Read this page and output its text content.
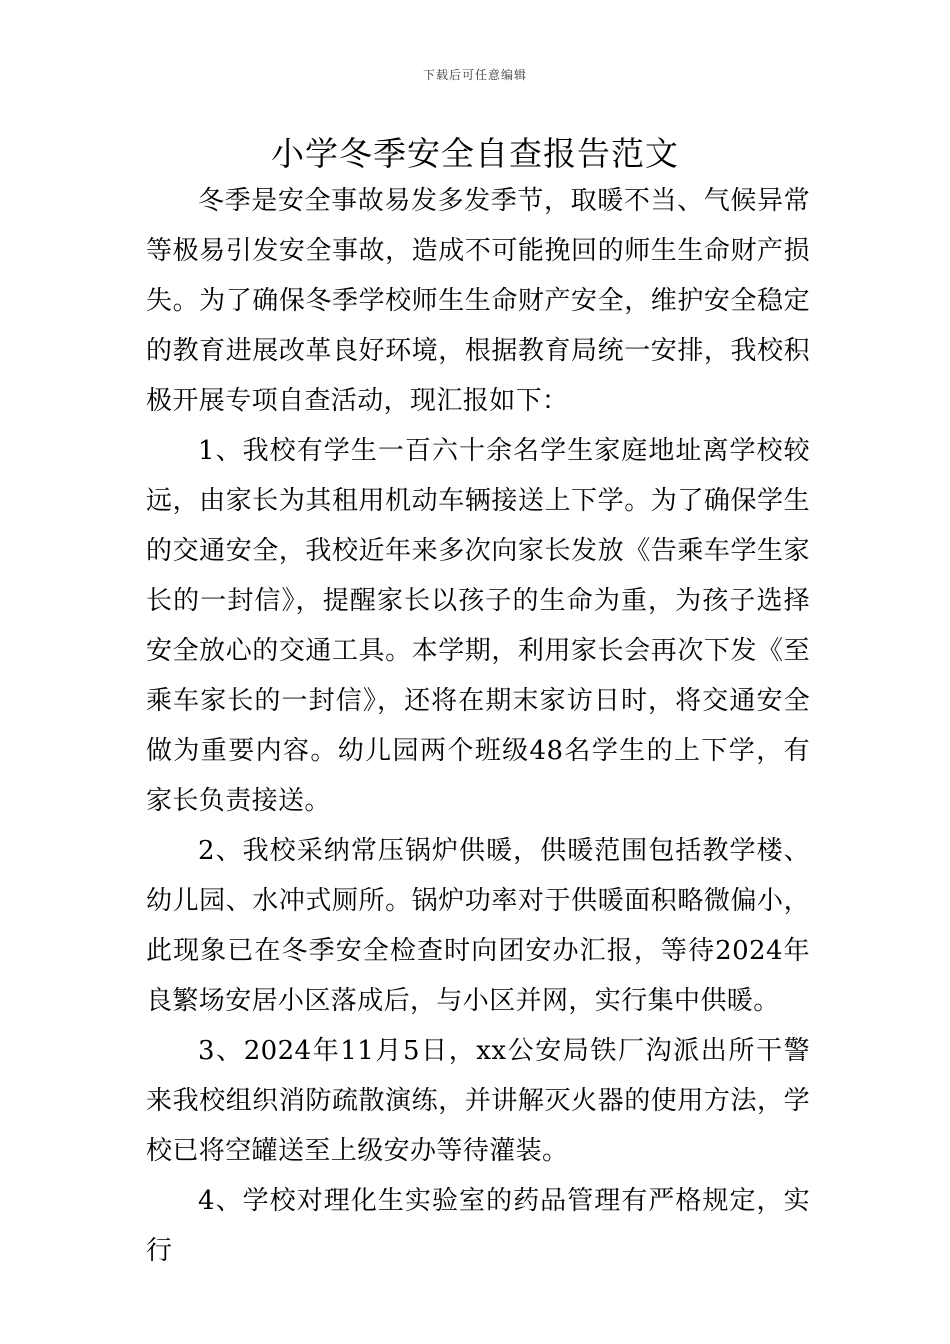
下载后可任意编辑
小学冬季安全自查报告范文

冬季是安全事故易发多发季节，取暖不当、气候异常等极易引发安全事故，造成不可能挽回的师生生命财产损失。为了确保冬季学校师生生命财产安全，维护安全稳定的教育进展改革良好环境，根据教育局统一安排，我校积极开展专项自查活动，现汇报如下：

1、我校有学生一百六十余名学生家庭地址离学校较远，由家长为其租用机动车辆接送上下学。为了确保学生的交通安全，我校近年来多次向家长发放《告乘车学生家长的一封信》，提醒家长以孩子的生命为重，为孩子选择安全放心的交通工具。本学期，利用家长会再次下发《至乘车家长的一封信》，还将在期末家访日时，将交通安全做为重要内容。幼儿园两个班级48名学生的上下学，有家长负责接送。

2、我校采纳常压锅炉供暖，供暖范围包括教学楼、幼儿园、水冲式厕所。锅炉功率对于供暖面积略微偏小，此现象已在冬季安全检查时向团安办汇报，等待2024年良繁场安居小区落成后，与小区并网，实行集中供暖。

3、2024年11月5日，xx公安局铁厂沟派出所干警来我校组织消防疏散演练，并讲解灭火器的使用方法，学校已将空罐送至上级安办等待灌装。

4、学校对理化生实验室的药品管理有严格规定，实行
